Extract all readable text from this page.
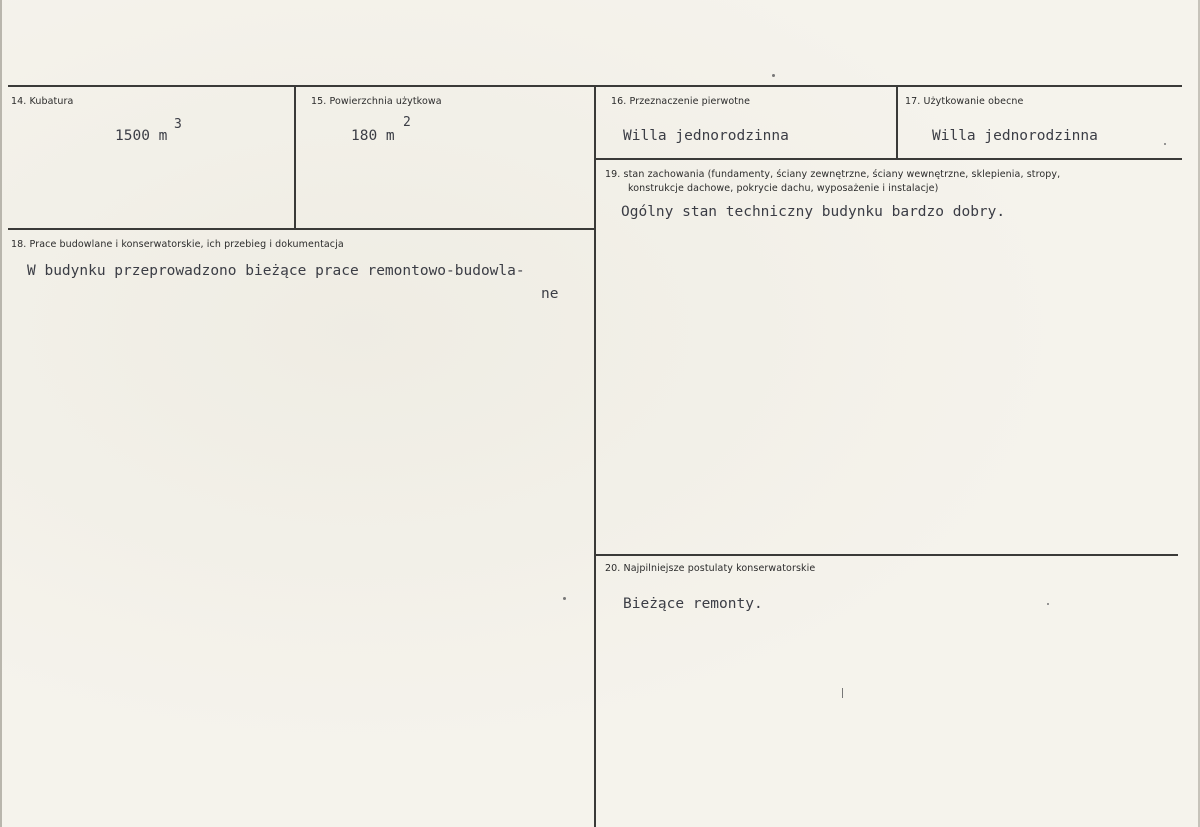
14. Kubatura
1500 m
3
15. Powierzchnia użytkowa
180 m
2
16. Przeznaczenie pierwotne
Willa jednorodzinna
17. Użytkowanie obecne
Willa jednorodzinna
18. Prace budowlane i konserwatorskie, ich przebieg i dokumentacja
W budynku przeprowadzono bieżące prace remontowo-budowla-
ne
19. stan zachowania (fundamenty, ściany zewnętrzne, ściany wewnętrzne, sklepienia, stropy,
konstrukcje dachowe, pokrycie dachu, wyposażenie i instalacje)
Ogólny stan techniczny budynku bardzo dobry.
20. Najpilniejsze postulaty konserwatorskie
Bieżące remonty.
